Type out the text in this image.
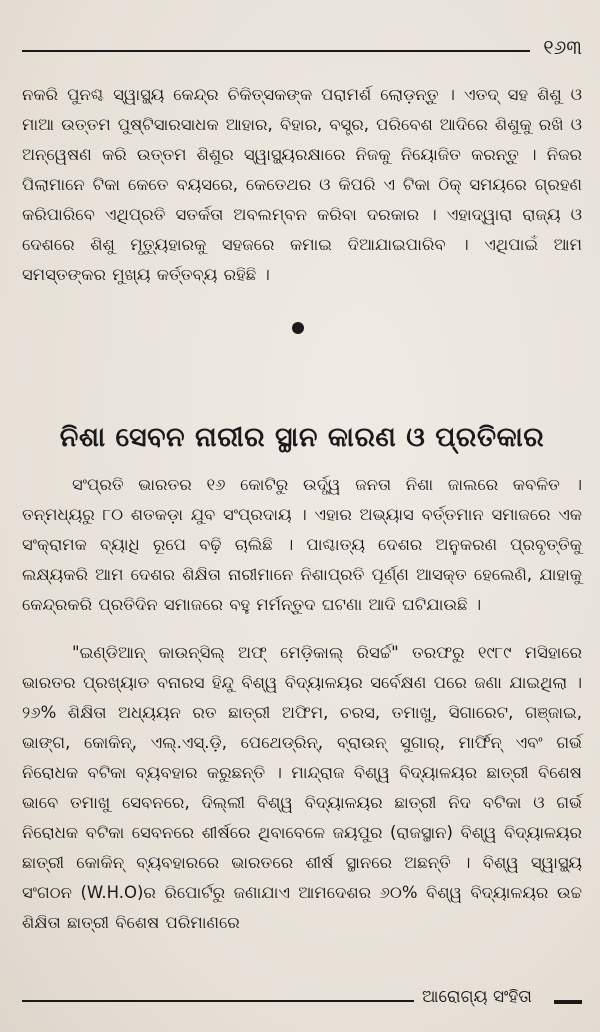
୧୬୩

ନକରି ପୁନଶ୍ଚ ସ୍ୱାସ୍ଥ୍ୟ କେନ୍ଦ୍ର ଚିକିତ୍ସକଙ୍କ ପରାମର୍ଶ ଲୋଡ଼ନ୍ତୁ । ଏତଦ୍ ସହ ଶିଶୁ ଓ ମାଆ ଉତ୍ତମ ପୁଷ୍ଟିସାରସାଧକ ଆହାର, ବିହାର, ବସ୍ତ୍ର, ପରିବେଶ ଆଦିରେ ଶିଶୁକୁ ରଖି ଓ ଅନ୍ୱେଷଣ କରି ଉତ୍ତମ ଶିଶୁର ସ୍ୱାସ୍ଥ୍ୟରକ୍ଷାରେ ନିଜକୁ ନିୟୋଜିତ କରନ୍ତୁ । ନିଜର ପିଲାମାନେ ଟିକା କେତେ ବୟସରେ, କେତେଥର ଓ କିପରି ଏ ଟିକା ଠିକ୍ ସମୟରେ ଗ୍ରହଣ କରିପାରିବେ ଏଥିପ୍ରତି ସତର୍କତା ଅବଲମ୍ବନ କରିବା ଦରକାର । ଏହାଦ୍ୱାରା ରାଜ୍ୟ ଓ ଦେଶରେ ଶିଶୁ ମୃତ୍ୟୁହାରକୁ ସହଜରେ କମାଇ ଦିଆଯାଇପାରିବ । ଏଥିପାଇଁ ଆମ ସମସ୍ତଙ୍କର ମୁଖ୍ୟ କର୍ତ୍ତବ୍ୟ ରହିଛି ।

ନିଶା ସେବନ ନାରୀର ସ୍ଥାନ କାରଣ ଓ ପ୍ରତିକାର

ସଂପ୍ରତି ଭାରତର ୧୬ କୋଟିରୁ ଉର୍ଦ୍ଧ୍ୱ ଜନତା ନିଶା ଜାଲରେ କବଳିତ । ତନ୍ମଧ୍ୟରୁ ୮୦ ଶତକଡ଼ା ଯୁବ ସଂପ୍ରଦାୟ । ଏହାର ଅଭ୍ୟାସ ବର୍ତ୍ତମାନ ସମାଜରେ ଏକ ସଂକ୍ରାମକ ବ୍ୟାଧି ରୂପେ ବଢ଼ି ଚାଲିଛି । ପାଶ୍ଚାତ୍ୟ ଦେଶର ଅନୁକରଣ ପ୍ରବୃତ୍ତିକୁ ଲକ୍ଷ୍ୟକରି ଆମ ଦେଶର ଶିକ୍ଷିତା ନାରୀମାନେ ନିଶାପ୍ରତି ପୂର୍ଣ୍ଣ ଆସକ୍ତ ହେଲେଣି, ଯାହାକୁ କେନ୍ଦ୍ରକରି ପ୍ରତିଦିନ ସମାଜରେ ବହୁ ମର୍ମନ୍ତୁଦ ଘଟଣା ଆଦି ଘଟିଯାଉଛି ।

"ଇଣ୍ଡିଆନ୍ କାଉନ୍‌ସିଲ୍ ଅଫ୍ ମେଡ଼ିକାଲ୍ ରିସର୍ଚ୍ଚ" ତରଫରୁ ୧୯୮୯ ମସିହାରେ ଭାରତର ପ୍ରଖ୍ୟାତ ବନାରସ ହିନ୍ଦୁ ବିଶ୍ୱ ବିଦ୍ୟାଳୟର ସର୍ବେକ୍ଷଣ ପରେ ଜଣା ଯାଇଥିଲା । ୨୬% ଶିକ୍ଷିତା ଅଧ୍ୟୟନ ରତ ଛାତ୍ରୀ ଅଫିମ, ଚରସ, ତମାଖୁ, ସିଗାରେଟ, ଗଞ୍ଜାଇ, ଭାଙ୍ଗ, କୋକିନ୍, ଏଲ୍.ଏସ୍.ଡ଼ି, ପେଥେଡ୍ରିନ୍, ବ୍ରାଉନ୍ ସୁଗାର୍, ମାର୍ଫିନ୍ ଏବଂ ଗର୍ଭ ନିରୋଧକ ବଟିକା ବ୍ୟବହାର କରୁଛନ୍ତି । ମାନ୍ଦ୍ରାଜ ବିଶ୍ୱ ବିଦ୍ୟାଳୟର ଛାତ୍ରୀ ବିଶେଷ ଭାବେ ତମାଖୁ ସେବନରେ, ଦିଲ୍ଲୀ ବିଶ୍ୱ ବିଦ୍ୟାଳୟର ଛାତ୍ରୀ ନିଦ ବଟିକା ଓ ଗର୍ଭ ନିରୋଧକ ବଟିକା ସେବନରେ ଶୀର୍ଷରେ ଥିବାବେଳେ ଜୟପୁର (ରାଜସ୍ଥାନ) ବିଶ୍ୱ ବିଦ୍ୟାଳୟର ଛାତ୍ରୀ କୋକିନ୍ ବ୍ୟବହାରରେ ଭାରତରେ ଶୀର୍ଷ ସ୍ଥାନରେ ଅଛନ୍ତି । ବିଶ୍ୱ ସ୍ୱାସ୍ଥ୍ୟ ସଂଗଠନ (W.H.O)ର ରିପୋର୍ଟରୁ ଜଣାଯାଏ ଆମଦେଶର ୬୦% ବିଶ୍ୱ ବିଦ୍ୟାଳୟର ଉଚ୍ଚ ଶିକ୍ଷିତା ଛାତ୍ରୀ ବିଶେଷ ପରିମାଣରେ

ଆରୋଗ୍ୟ ସଂହିତା
